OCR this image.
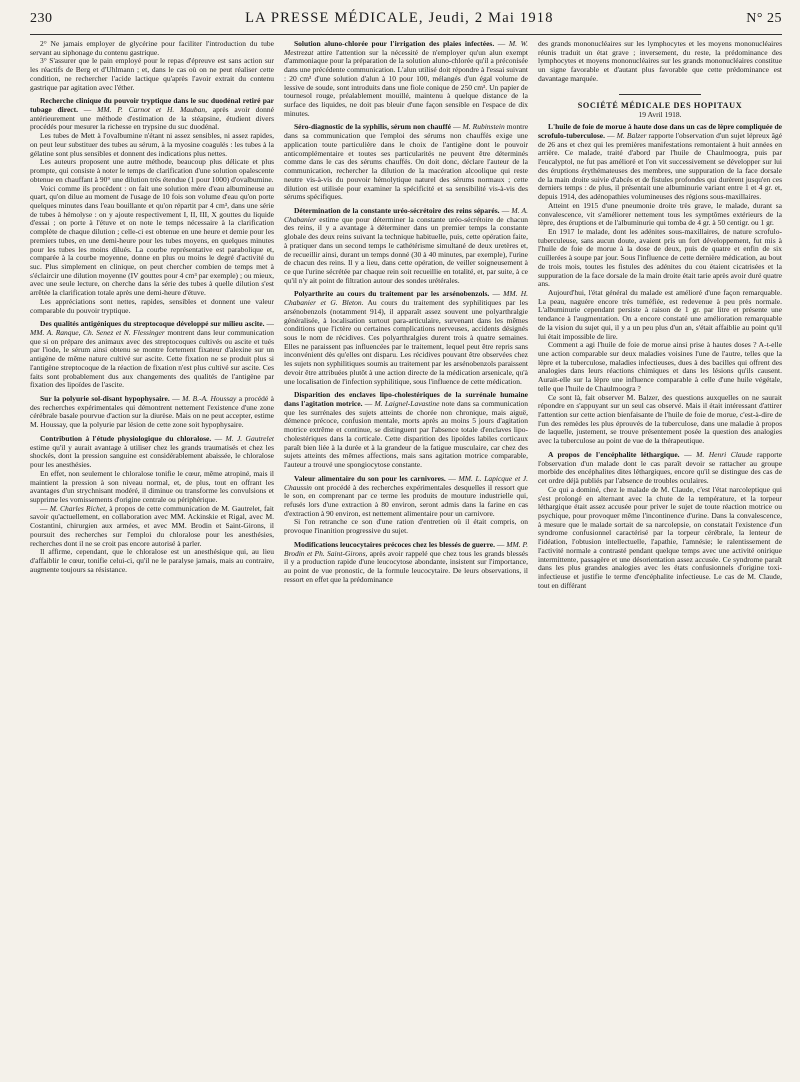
230	LA PRESSE MÉDICALE, Jeudi, 2 Mai 1918	N° 25

2° Ne jamais employer de glycérine pour faciliter l'introduction du tube servant au siphonage du contenu gastrique.

3° S'assurer que le pain employé pour le repas d'épreuve est sans action sur les réactifs de Berg et d'Uhlmann ; et, dans le cas où on ne peut réaliser cette condition, ne rechercher l'acide lactique qu'après l'avoir extrait du contenu gastrique par agitation avec l'éther.

Recherche clinique du pouvoir tryptique dans le suc duodénal retiré par tubage direct. — MM. P. Carnot et H. Mauban, après avoir donné antérieurement une méthode d'estimation de la stéapsine, étudient divers procédés pour mesurer la richesse en trypsine du suc duodénal.

Les tubes de Mett à l'ovalbumine n'étant ni assez sensibles, ni assez rapides, on peut leur substituer des tubes au sérum, à la myosine coagulés : les tubes à la gélatine sont plus sensibles et donnent des indications plus nettes.

Les auteurs proposent une autre méthode, beaucoup plus délicate et plus prompte, qui consiste à noter le temps de clarification d'une solution opalescente obtenue en chauffant à 90° une dilution très étendue (1 pour 1000) d'ovalbumine.

Voici comme ils procèdent : on fait une solution mère d'eau albumineuse au quart, qu'on dilue au moment de l'usage de 10 fois son volume d'eau qu'on porte quelques minutes dans l'eau bouillante et qu'on répartit par 4 cm³, dans une série de tubes à hémolyse : on y ajoute respectivement I, II, III, X gouttes du liquide d'essai ; on porte à l'étuve et on note le temps nécessaire à la clarification complète de chaque dilution ; celle-ci est obtenue en une heure et demie pour les premiers tubes, en une demi-heure pour les tubes moyens, en quelques minutes pour les tubes les moins dilués. La courbe représentative est parabolique et, comparée à la courbe moyenne, donne en plus ou moins le degré d'activité du suc. Plus simplement en clinique, on peut chercher combien de temps met à s'éclaircir une dilution moyenne (IV gouttes pour 4 cm³ par exemple) ; ou mieux, avec une seule lecture, on cherche dans la série des tubes à quelle dilution s'est arrêtée la clarification totale après une demi-heure d'étuve.

Les appréciations sont nettes, rapides, sensibles et donnent une valeur comparable du pouvoir tryptique.

Des qualités antigéniques du streptocoque développé sur milieu ascite. — MM. A. Ranque, Ch. Senez et N. Flessinger montrent dans leur communication que si on prépare des animaux avec des streptocoques cultivés ou ascite et tués par l'iode, le sérum ainsi obtenu se montre fortement fixateur d'alexine sur un antigène de même nature cultivé sur ascite. Cette fixation ne se produit plus si l'antigène streptocoque de la réaction de fixation n'est plus cultivé sur ascite. Ces faits sont probablement dus aux changements des qualités de l'antigène par fixation des lipoïdes de l'ascite.

Sur la polyurie sol-disant hypophysaire. — M. B.-A. Houssay a procédé à des recherches expérimentales qui démontrent nettement l'existence d'une zone cérébrale basale pourvue d'action sur la diurèse. Mais on ne peut accepter, estime M. Houssay, que la polyurie par lésion de cette zone soit hypophysaire.

Contribution à l'étude physiologique du chloralose. — M. J. Gautrelet estime qu'il y aurait avantage à utiliser chez les grands traumatisés et chez les shockés, dont la pression sanguine est considérablement abaissée, le chloralose pour les anesthésies.

En effet, non seulement le chloralose tonifie le cœur, même atropiné, mais il maintient la pression à son niveau normal, et, de plus, tout en offrant les avantages d'un strychnisant modéré, il diminue ou transforme les convulsions et supprime les vomissements d'origine centrale ou périphérique.

— M. Charles Richet, à propos de cette communication de M. Gautrelet, fait savoir qu'actuellement, en collaboration avec MM. Ackinskie et Rigal, avec M. Costantini, chirurgien aux armées, et avec MM. Brodin et Saint-Girons, il poursuit des recherches sur l'emploi du chloralose pour les anesthésies, recherches dont il ne se croit pas encore autorisé à parler.

Il affirme, cependant, que le chloralose est un anesthésique qui, au lieu d'affaiblir le cœur, tonifie celui-ci, qu'il ne le paralyse jamais, mais au contraire, augmente toujours sa résistance.

Solution aluno-chlorée pour l'irrigation des plaies infectées. — M. W. Mestrezat attire l'attention sur la nécessité de n'employer qu'un alun exempt d'ammoniaque pour la préparation de la solution aluno-chlorée qu'il a préconisée dans une précédente communication. L'alun utilisé doit répondre à l'essai suivant : 20 cm³ d'une solution d'alun à 10 pour 100, mélangés d'un égal volume de lessive de soude, sont introduits dans une fiole conique de 250 cm³. Un papier de tournesol rouge, préalablement mouillé, maintenu à quelque distance de la surface des liquides, ne doit pas bleuir d'une façon sensible en l'espace de dix minutes.

Séro-diagnostic de la syphilis, sérum non chauffé — M. Rubinstein montre dans sa communication que l'emploi des sérums non chauffés exige une application toute particulière dans le choix de l'antigène dont le pouvoir anticomplémentaire et toutes ses particularités ne peuvent être déterminés comme dans le cas des sérums chauffés. On doit donc, déclare l'auteur de la communication, rechercher la dilution de la macération alcoolique qui reste neutre vis-à-vis du pouvoir hémolytique naturel des sérums normaux ; cette dilution est utilisée pour examiner la spécificité et sa sensibilité vis-à-vis des sérums spécifiques.

Détermination de la constante uréo-sécrétoire des reins séparés. — M. A. Chabanier estime que pour déterminer la constante uréo-sécrétoire de chacun des reins, il y a avantage à déterminer dans un premier temps la constante globale des deux reins suivant la technique habituelle, puis, cette opération faite, à pratiquer dans un second temps le cathétérisme simultané de deux uretères et, de recueillir ainsi, durant un temps donné (30 à 40 minutes, par exemple), l'urine de chacun des reins. Il y a lieu, dans cette opération, de veiller soigneusement à ce que l'urine sécrétée par chaque rein soit recueillie en totalité, et, par suite, à ce qu'il n'y ait point de filtration autour des sondes urétérales.

Polyarthrite au cours du traitement par les arsénobenzols. — MM. H. Chabanier et G. Bleton. Au cours du traitement des syphilitiques par les arsénobenzols (notamment 914), il apparaît assez souvent une polyarthralgie généralisée, à localisation surtout para-articulaire, survenant dans les mêmes conditions que l'ictère ou certaines complications nerveuses, accidents désignés sous le nom de récidives. Ces polyarthralgies durent trois à quatre semaines. Elles ne paraissent pas influencées par le traitement, lequel peut être repris sans inconvénient dès qu'elles ont disparu. Les récidives pouvant être observées chez les sujets non syphilitiques soumis au traitement par les arsénobenzols paraissent devoir être attribuées plutôt à une action directe de la médication arsenicale, qu'à une localisation de l'infection syphilitique, sous l'influence de cette médication.

Disparition des enclaves lipo-cholestériques de la surrénale humaine dans l'agitation motrice. — M. Laignel-Lavastine note dans sa communication que les surrénales des sujets atteints de chorée non chronique, mais aiguë, démence précoce, confusion mentale, morts après au moins 5 jours d'agitation motrice extrême et continue, se distinguent par l'absence totale d'enclaves lipo-cholestériques dans la corticale. Cette disparition des lipoïdes labiles corticaux paraît bien liée à la durée et à la grandeur de la fatigue musculaire, car chez des sujets atteints des mêmes affections, mais sans agitation motrice comparable, l'auteur a trouvé une spongiocytose constante.

Valeur alimentaire du son pour les carnivores. — MM. L. Lapicque et J. Chaussin ont procédé à des recherches expérimentales desquelles il ressort que le son, en comprenant par ce terme les produits de mouture industrielle qui, refusés lors d'une extraction à 80 environ, seront admis dans la farine en cas d'extraction à 90 environ, est nettement alimentaire pour un carnivore.

Si l'on retranche ce son d'une ration d'entretien où il était compris, on provoque l'inanition progressive du sujet.

Modifications leucocytaires précoces chez les blessés de guerre. — MM. P. Brodin et Ph. Saint-Girons, après avoir rappelé que chez tous les grands blessés il y a production rapide d'une leucocytose abondante, insistent sur l'importance, au point de vue pronostic, de la formule leucocytaire. De leurs observations, il ressort en effet que la prédominance

des grands mononucléaires sur les lymphocytes et les moyens mononucléaires réunis traduit un état grave ; inversement, du reste, la prédominance des lymphocytes et moyens mononucléaires sur les grands mononucléaires constitue un signe favorable et d'autant plus favorable que cette prédominance est davantage marquée.

SOCIÉTÉ MÉDICALE DES HOPITAUX
19 Avril 1918.

L'huile de foie de morue à haute dose dans un cas de lèpre compliquée de scrofulo-tuberculose. — M. Balzer rapporte l'observation d'un sujet lépreux âgé de 26 ans et chez qui les premières manifestations remontaient à huit années en arrière. Ce malade, traité d'abord par l'huile de Chaulmoogra, puis par l'eucalyptol, ne fut pas amélioré et l'on vit successivement se développer sur lui des éruptions érythémateuses des membres, une suppuration de la face dorsale de la main droite suivie d'abcès et de fistules profondes qui durèrent jusqu'en ces derniers temps : de plus, il présentait une albuminurie variant entre 1 et 4 gr. et, depuis 1914, des adénopathies volumineuses des régions sous-maxillaires.

Atteint en 1915 d'une pneumonie droite très grave, le malade, durant sa convalescence, vit s'améliorer nettement tous les symptômes extérieurs de la lèpre, des éruptions et de l'albuminurie qui tomba de 4 gr. à 50 centigr. ou 1 gr.

En 1917 le malade, dont les adénites sous-maxillaires, de nature scrofulo-tuberculeuse, sans aucun doute, avaient pris un fort développement, fut mis à l'huile de foie de morue à la dose de deux, puis de quatre et enfin de six cuillerées à soupe par jour. Sous l'influence de cette dernière médication, au bout de trois mois, toutes les fistules des adénites du cou étaient cicatrisées et la suppuration de la face dorsale de la main droite était tarie après avoir duré quatre ans.

Aujourd'hui, l'état général du malade est amélioré d'une façon remarquable. La peau, naguère encore très tuméfiée, est redevenue à peu près normale. L'albuminurie cependant persiste à raison de 1 gr. par litre et présente une tendance à l'augmentation. On a encore constaté une amélioration remarquable de la vision du sujet qui, il y a un peu plus d'un an, s'était affaiblie au point qu'il lui était impossible de lire.

Comment a agi l'huile de foie de morue ainsi prise à hautes doses ? A-t-elle une action comparable sur deux maladies voisines l'une de l'autre, telles que la lèpre et la tuberculose, maladies infectieuses, dues à des bacilles qui offrent des analogies dans leurs réactions chimiques et dans les lésions qu'ils causent. Aurait-elle sur la lèpre une influence comparable à celle d'une huile végétale, telle que l'huile de Chaulmoogra ?

Ce sont là, fait observer M. Balzer, des questions auxquelles on ne saurait répondre en s'appuyant sur un seul cas observé. Mais il était intéressant d'attirer l'attention sur cette action bienfaisante de l'huile de foie de morue, c'est-à-dire de l'un des remèdes les plus éprouvés de la tuberculose, dans une maladie à propos de laquelle, justement, se trouve présentement posée la question des analogies avec la tuberculose au point de vue de la thérapeutique.

A propos de l'encéphalite léthargique. — M. Henri Claude rapporte l'observation d'un malade dont le cas paraît devoir se rattacher au groupe morbide des encéphalites dites léthargiques, encore qu'il se distingue des cas de cet ordre déjà publiés par l'absence de troubles oculaires.

Ce qui a dominé, chez le malade de M. Claude, c'est l'état narcoleptique qui s'est prolongé en alternant avec la chute de la température, et la torpeur léthargique était assez accusée pour priver le sujet de toute réaction motrice ou psychique, pour provoquer même l'incontinence d'urine. Dans la convalescence, à mesure que le malade sortait de sa narcolepsie, on constatait l'existence d'un syndrome confusionnel caractérisé par la torpeur cérébrale, la lenteur de l'idéation, l'obtusion intellectuelle, l'apathie, l'amnésie; le ralentissement de l'activité normale a contrasté pendant quelque temps avec une activité onirique intermittente, passagère et une désorientation assez accusée. Ce syndrome paraît dans les plus grandes analogies avec les états confusionnels d'origine toxi-infectieuse et justifie le terme d'encéphalite infectieuse. Le cas de M. Claude, tout en différant
